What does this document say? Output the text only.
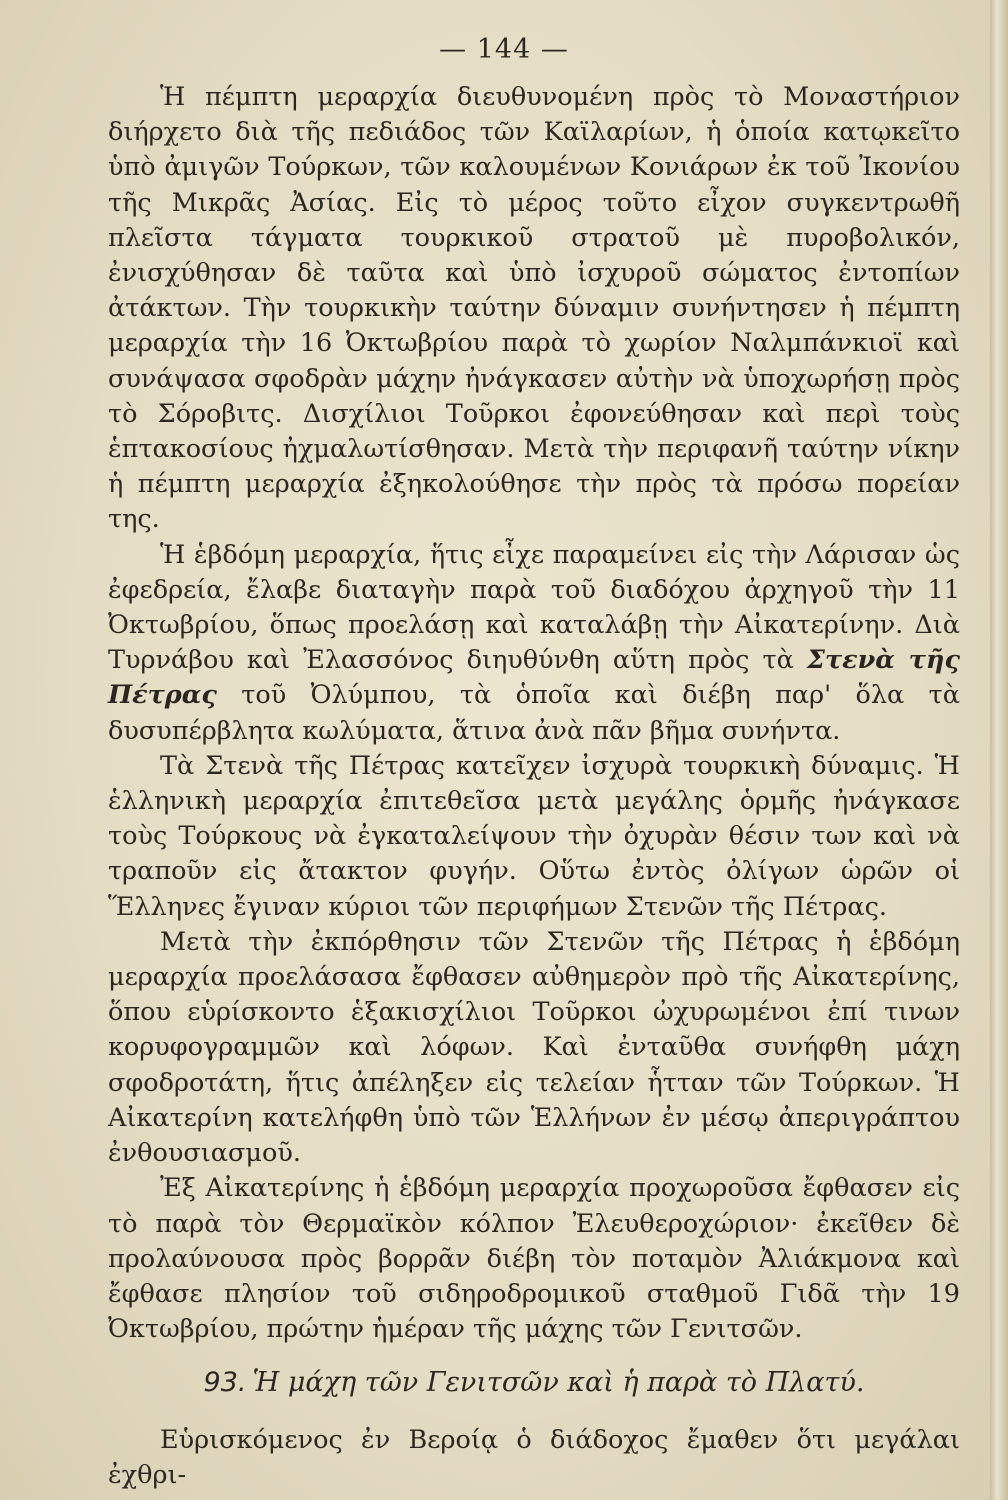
— 144 —

Ἡ πέμπτη μεραρχία διευθυνομένη πρὸς τὸ Μοναστήριον διήρχετο διὰ τῆς πεδιάδος τῶν Καϊλαρίων, ἡ ὁποία κατῳκεῖτο ὑπὸ ἀμιγῶν Τούρκων, τῶν καλουμένων Κονιάρων ἐκ τοῦ Ἰκονίου τῆς Μικρᾶς Ἀσίας. Εἰς τὸ μέρος τοῦτο εἶχον συγκεντρωθῆ πλεῖστα τάγματα τουρκικοῦ στρατοῦ μὲ πυροβολικόν, ἐνισχύθησαν δὲ ταῦτα καὶ ὑπὸ ἰσχυροῦ σώματος ἐντοπίων ἀτάκτων. Τὴν τουρκικὴν ταύτην δύναμιν συνήντησεν ἡ πέμπτη μεραρχία τὴν 16 Ὀκτωβρίου παρὰ τὸ χωρίον Ναλμπάνκιοϊ καὶ συνάψασα σφοδρὰν μάχην ἠνάγκασεν αὐτὴν νὰ ὑποχωρήσῃ πρὸς τὸ Σόροβιτς. Δισχίλιοι Τοῦρκοι ἐφονεύθησαν καὶ περὶ τοὺς ἑπτακοσίους ἠχμαλωτίσθησαν. Μετὰ τὴν περιφανῆ ταύτην νίκην ἡ πέμπτη μεραρχία ἐξηκολούθησε τὴν πρὸς τὰ πρόσω πορείαν της.

Ἡ ἑβδόμη μεραρχία, ἥτις εἶχε παραμείνει εἰς τὴν Λάρισαν ὡς ἐφεδρεία, ἔλαβε διαταγὴν παρὰ τοῦ διαδόχου ἀρχηγοῦ τὴν 11 Ὀκτωβρίου, ὅπως προελάσῃ καὶ καταλάβῃ τὴν Αἰκατερίνην. Διὰ Τυρνάβου καὶ Ἐλασσόνος διηυθύνθη αὕτη πρὸς τὰ Στενὰ τῆς Πέτρας τοῦ Ὀλύμπου, τὰ ὁποῖα καὶ διέβη παρ' ὅλα τὰ δυσυπέρβλητα κωλύματα, ἅτινα ἀνὰ πᾶν βῆμα συνήντα.

Τὰ Στενὰ τῆς Πέτρας κατεῖχεν ἰσχυρὰ τουρκικὴ δύναμις. Ἡ ἑλληνικὴ μεραρχία ἐπιτεθεῖσα μετὰ μεγάλης ὁρμῆς ἠνάγκασε τοὺς Τούρκους νὰ ἐγκαταλείψουν τὴν ὀχυρὰν θέσιν των καὶ νὰ τραποῦν εἰς ἄτακτον φυγήν. Οὕτω ἐντὸς ὀλίγων ὡρῶν οἱ Ἕλληνες ἔγιναν κύριοι τῶν περιφήμων Στενῶν τῆς Πέτρας.

Μετὰ τὴν ἐκπόρθησιν τῶν Στενῶν τῆς Πέτρας ἡ ἑβδόμη μεραρχία προελάσασα ἔφθασεν αὐθημερὸν πρὸ τῆς Αἰκατερίνης, ὅπου εὑρίσκοντο ἑξακισχίλιοι Τοῦρκοι ὠχυρωμένοι ἐπί τινων κορυφογραμμῶν καὶ λόφων. Καὶ ἐνταῦθα συνήφθη μάχη σφοδροτάτη, ἥτις ἀπέληξεν εἰς τελείαν ἧτταν τῶν Τούρκων. Ἡ Αἰκατερίνη κατελήφθη ὑπὸ τῶν Ἑλλήνων ἐν μέσῳ ἀπεριγράπτου ἐνθουσιασμοῦ.

Ἐξ Αἰκατερίνης ἡ ἑβδόμη μεραρχία προχωροῦσα ἔφθασεν εἰς τὸ παρὰ τὸν Θερμαϊκὸν κόλπον Ἐλευθεροχώριον· ἐκεῖθεν δὲ προλαύνουσα πρὸς βορρᾶν διέβη τὸν ποταμὸν Ἀλιάκμονα καὶ ἔφθασε πλησίον τοῦ σιδηροδρομικοῦ σταθμοῦ Γιδᾶ τὴν 19 Ὀκτωβρίου, πρώτην ἡμέραν τῆς μάχης τῶν Γενιτσῶν.

93. Ἡ μάχη τῶν Γενιτσῶν καὶ ἡ παρὰ τὸ Πλατύ.

Εὑρισκόμενος ἐν Βεροίᾳ ὁ διάδοχος ἔμαθεν ὅτι μεγάλαι ἐχθρι-
